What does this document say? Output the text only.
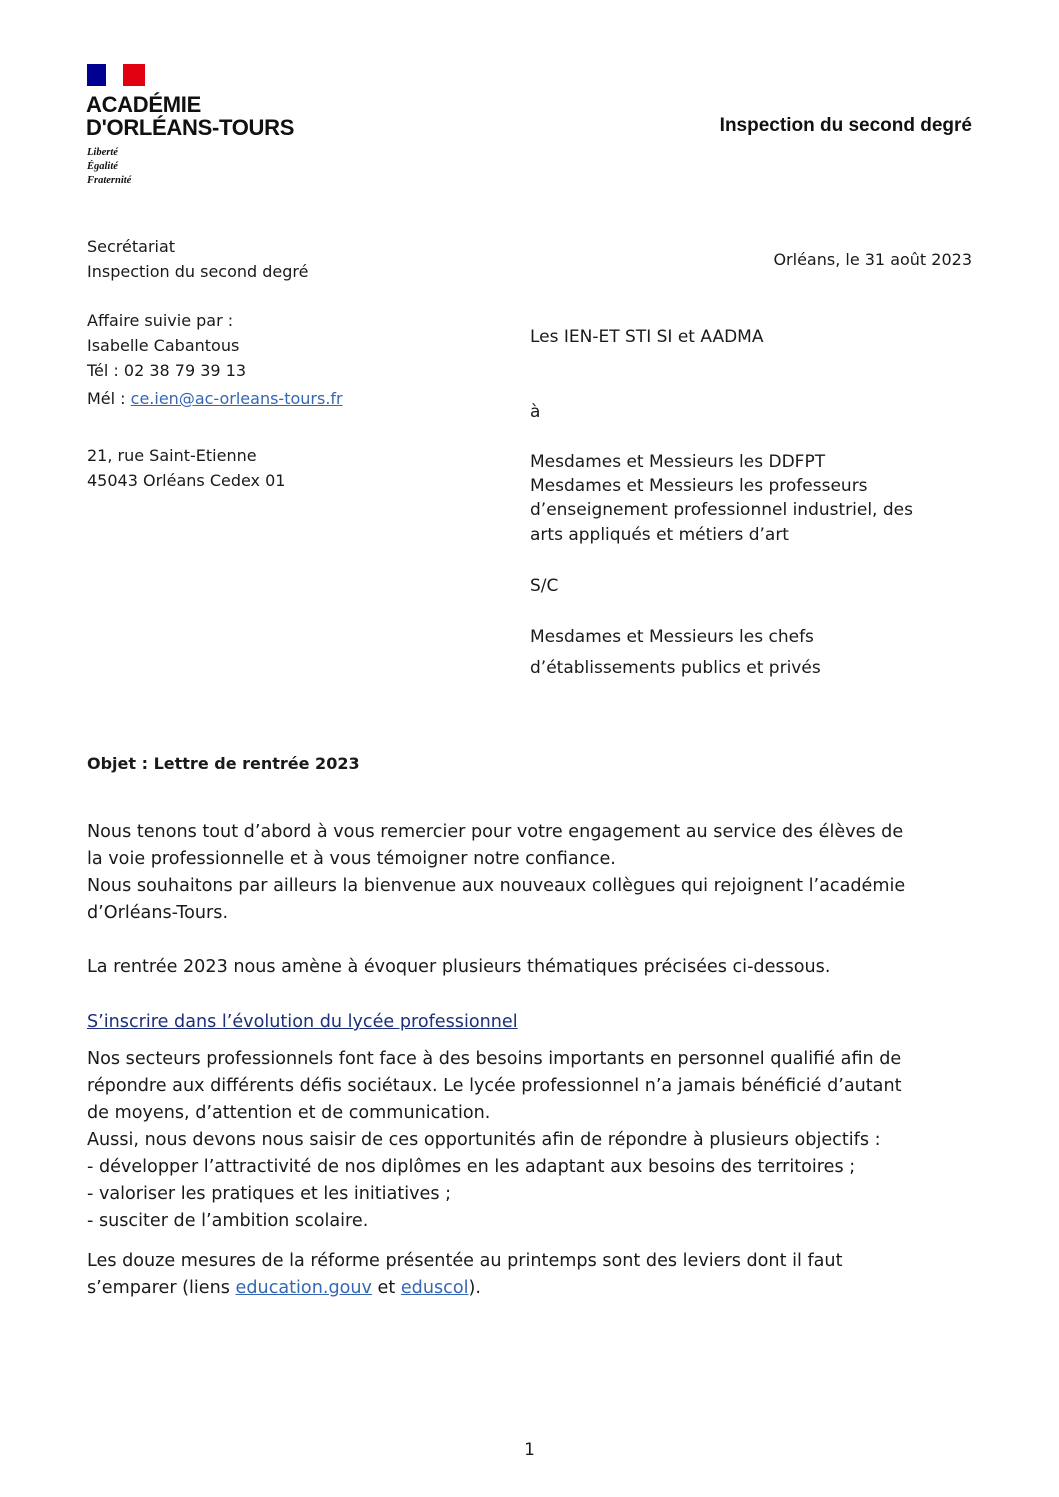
ACADÉMIE
D'ORLÉANS-TOURS
Liberté
Égalité
Fraternité
Inspection du second degré
Secrétariat
Inspection du second degré
Affaire suivie par :
Isabelle Cabantous
Tél : 02 38 79 39 13
Mél : ce.ien@ac-orleans-tours.fr
21, rue Saint-Etienne
45043 Orléans Cedex 01
Orléans, le 31 août 2023
Les IEN-ET STI SI et AADMA
à
Mesdames et Messieurs les DDFPT
Mesdames et Messieurs les professeurs
d’enseignement professionnel industriel, des
arts appliqués et métiers d’art
S/C
Mesdames et Messieurs les chefs
d’établissements publics et privés
Objet : Lettre de rentrée 2023
Nous tenons tout d’abord à vous remercier pour votre engagement au service des élèves de
la voie professionnelle et à vous témoigner notre confiance.
Nous souhaitons par ailleurs la bienvenue aux nouveaux collègues qui rejoignent l’académie
d’Orléans-Tours.
La rentrée 2023 nous amène à évoquer plusieurs thématiques précisées ci-dessous.
S’inscrire dans l’évolution du lycée professionnel
Nos secteurs professionnels font face à des besoins importants en personnel qualifié afin de
répondre aux différents défis sociétaux. Le lycée professionnel n’a jamais bénéficié d’autant
de moyens, d’attention et de communication.
Aussi, nous devons nous saisir de ces opportunités afin de répondre à plusieurs objectifs :
- développer l’attractivité de nos diplômes en les adaptant aux besoins des territoires ;
- valoriser les pratiques et les initiatives ;
- susciter de l’ambition scolaire.
Les douze mesures de la réforme présentée au printemps sont des leviers dont il faut
s’emparer (liens education.gouv et eduscol).
1
